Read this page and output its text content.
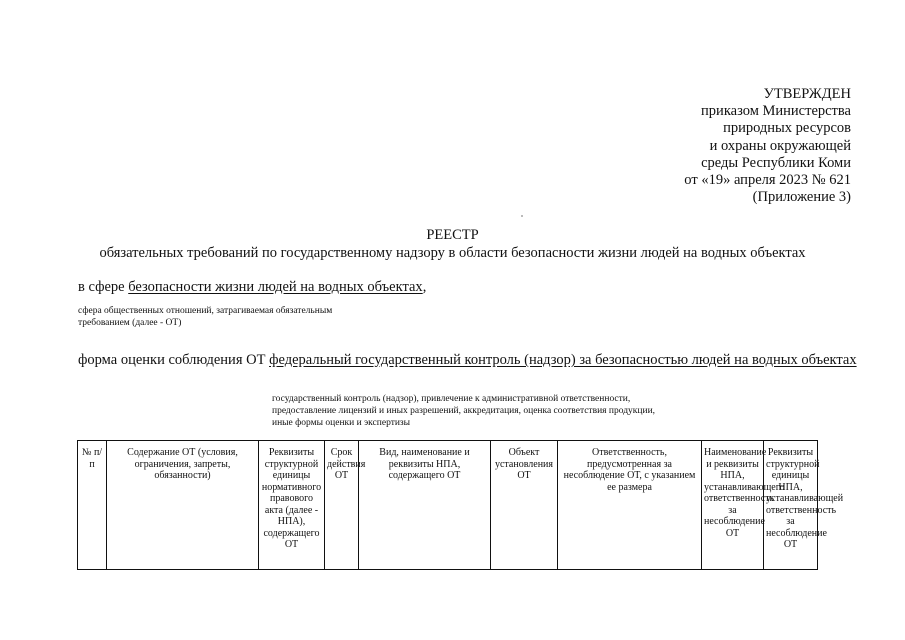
УТВЕРЖДЕН
приказом Министерства
природных ресурсов
и охраны окружающей
среды Республики Коми
от «19» апреля 2023 № 621
(Приложение 3)
РЕЕСТР
обязательных требований по государственному надзору в области безопасности жизни людей на водных объектах
в сфере безопасности жизни людей на водных объектах,
сфера общественных отношений, затрагиваемая обязательным
требованием (далее - ОТ)
форма оценки соблюдения ОТ федеральный государственный контроль (надзор) за безопасностью людей на водных объектах
государственный контроль (надзор), привлечение к административной ответственности,
предоставление лицензий и иных разрешений, аккредитация, оценка соответствия продукции,
иные формы оценки и экспертизы
№ п/п	Содержание ОТ (условия, ограничения, запреты, обязанности)	Реквизиты структурной единицы нормативного правового акта (далее - НПА), содержащего ОТ	Срок действия ОТ	Вид, наименование и реквизиты НПА, содержащего ОТ	Объект установления ОТ	Ответственность, предусмотренная за несоблюдение ОТ, с указанием ее размера	Наименование и реквизиты НПА, устанавливающего ответственность за несоблюдение ОТ	Реквизиты структурной единицы НПА, устанавливающей ответственность за несоблюдение ОТ
